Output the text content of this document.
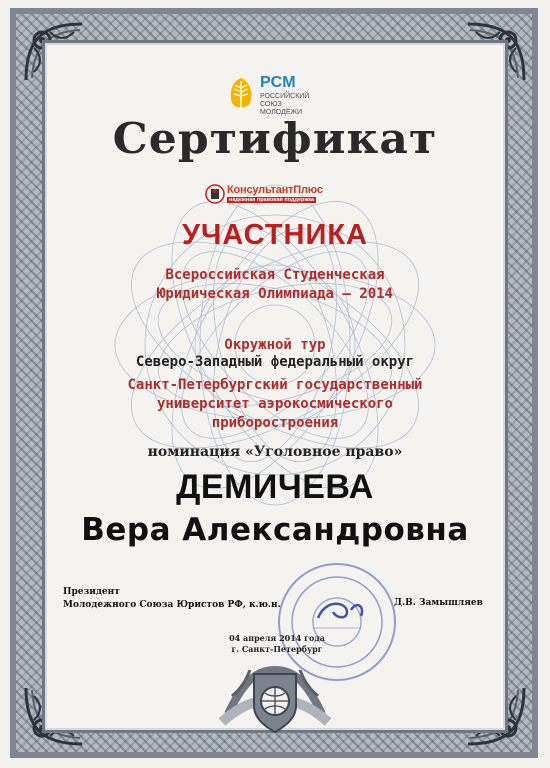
РСМ
РОССИЙСКИЙ СОЮЗ
МОЛОДЁЖИ
Сертификат
КонсультантПлюс
надежная правовая поддержка
УЧАСТНИКА
Всероссийская Студенческая
Юридическая Олимпиада – 2014
Окружной тур
Северо-Западный федеральный округ
Санкт-Петербургский государственный
университет аэрокосмического
приборостроения
номинация «Уголовное право»
ДЕМИЧЕВА
Вера Александровна
Президент
Молодежного Союза Юристов РФ, к.ю.н.	Д.В. Замышляев
04 апреля 2014 года
г. Санкт-Петербург
